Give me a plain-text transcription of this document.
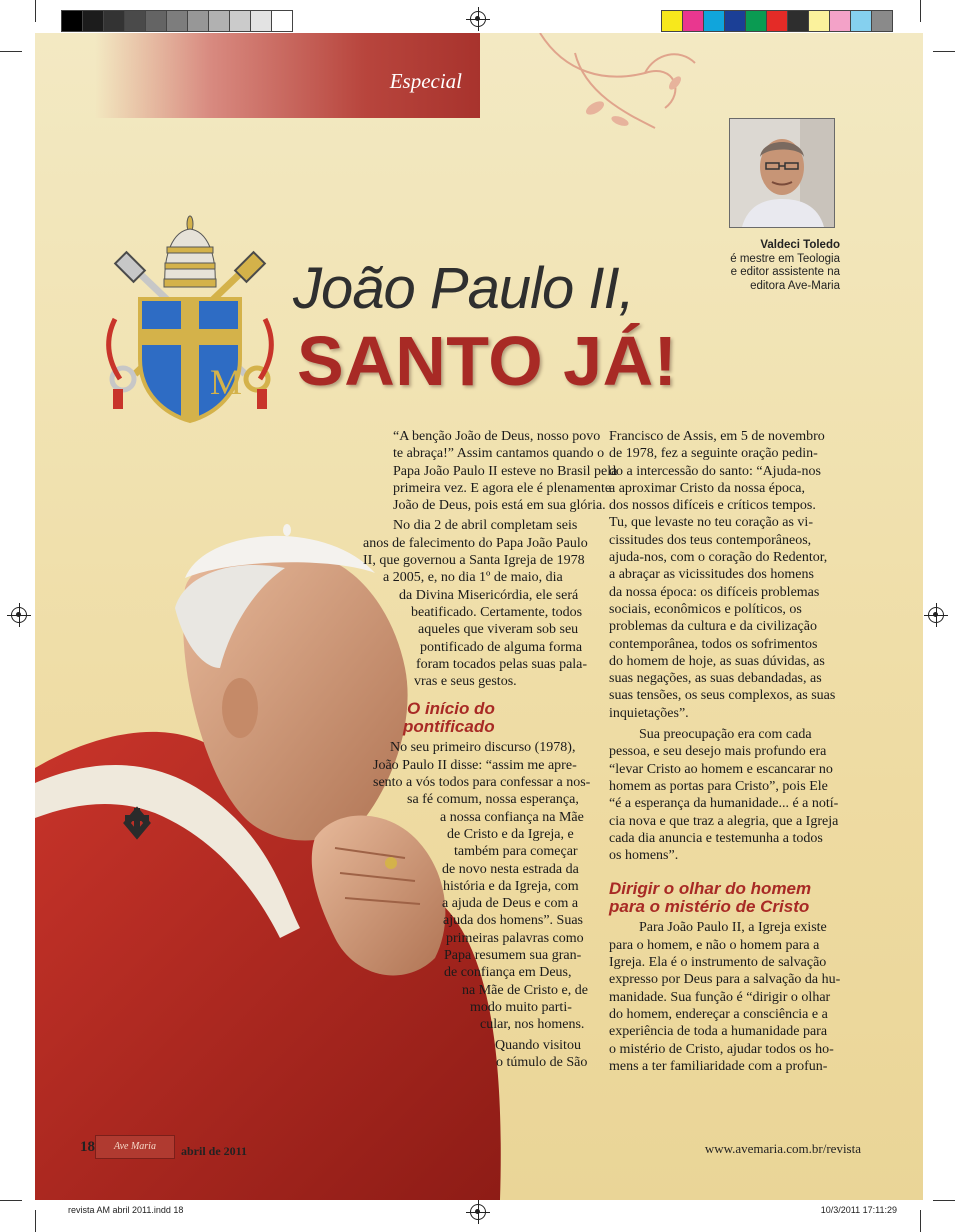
Especial
Valdeci Toledo
é mestre em Teologia
e editor assistente na
editora Ave-Maria
M
João Paulo II,
SANTO JÁ!

“A benção João de Deus, nosso povo
te abraça!” Assim cantamos quando o
Papa João Paulo II esteve no Brasil pela
primeira vez. E agora ele é plenamente
João de Deus, pois está em sua glória.

No dia 2 de abril completam seis
anos de falecimento do Papa João Paulo
II, que governou a Santa Igreja de 1978
a 2005, e, no dia 1º de maio, dia
da Divina Misericórdia, ele será
beatificado. Certamente, todos
aqueles que viveram sob seu
pontificado de alguma forma
foram tocados pelas suas pala-
vras e seus gestos.

O início do
pontificado

No seu primeiro discurso (1978),
João Paulo II disse: “assim me apre-
sento a vós todos para confessar a nos-
sa fé comum, nossa esperança,
a nossa confiança na Mãe
de Cristo e da Igreja, e
também para começar
de novo nesta estrada da
história e da Igreja, com
a ajuda de Deus e com a
ajuda dos homens”. Suas
primeiras palavras como
Papa resumem sua gran-
de confiança em Deus,
na Mãe de Cristo e, de
modo muito parti-
cular, nos homens.

Quando visitou
o túmulo de São

Francisco de Assis, em 5 de novembro
de 1978, fez a seguinte oração pedin-
do a intercessão do santo: “Ajuda-nos
a aproximar Cristo da nossa época,
dos nossos difíceis e críticos tempos.
Tu, que levaste no teu coração as vi-
cissitudes dos teus contemporâneos,
ajuda-nos, com o coração do Redentor,
a abraçar as vicissitudes dos homens
da nossa época: os difíceis problemas
sociais, econômicos e políticos, os
problemas da cultura e da civilização
contemporânea, todos os sofrimentos
do homem de hoje, as suas dúvidas, as
suas negações, as suas debandadas, as
suas tensões, os seus complexos, as suas
inquietações”.

Sua preocupação era com cada
pessoa, e seu desejo mais profundo era
“levar Cristo ao homem e escancarar no
homem as portas para Cristo”, pois Ele
“é a esperança da humanidade... é a notí-
cia nova e que traz a alegria, que a Igreja
cada dia anuncia e testemunha a todos
os homens”.

Dirigir o olhar do homem
para o mistério de Cristo

Para João Paulo II, a Igreja existe
para o homem, e não o homem para a
Igreja. Ela é o instrumento de salvação
expresso por Deus para a salvação da hu-
manidade. Sua função é “dirigir o olhar
do homem, endereçar a consciência e a
experiência de toda a humanidade para
o mistério de Cristo, ajudar todos os ho-
mens a ter familiaridade com a profun-

18	Ave Maria	abril de 2011	www.avemaria.com.br/revista
revista AM abril 2011.indd 18	10/3/2011 17:11:29
